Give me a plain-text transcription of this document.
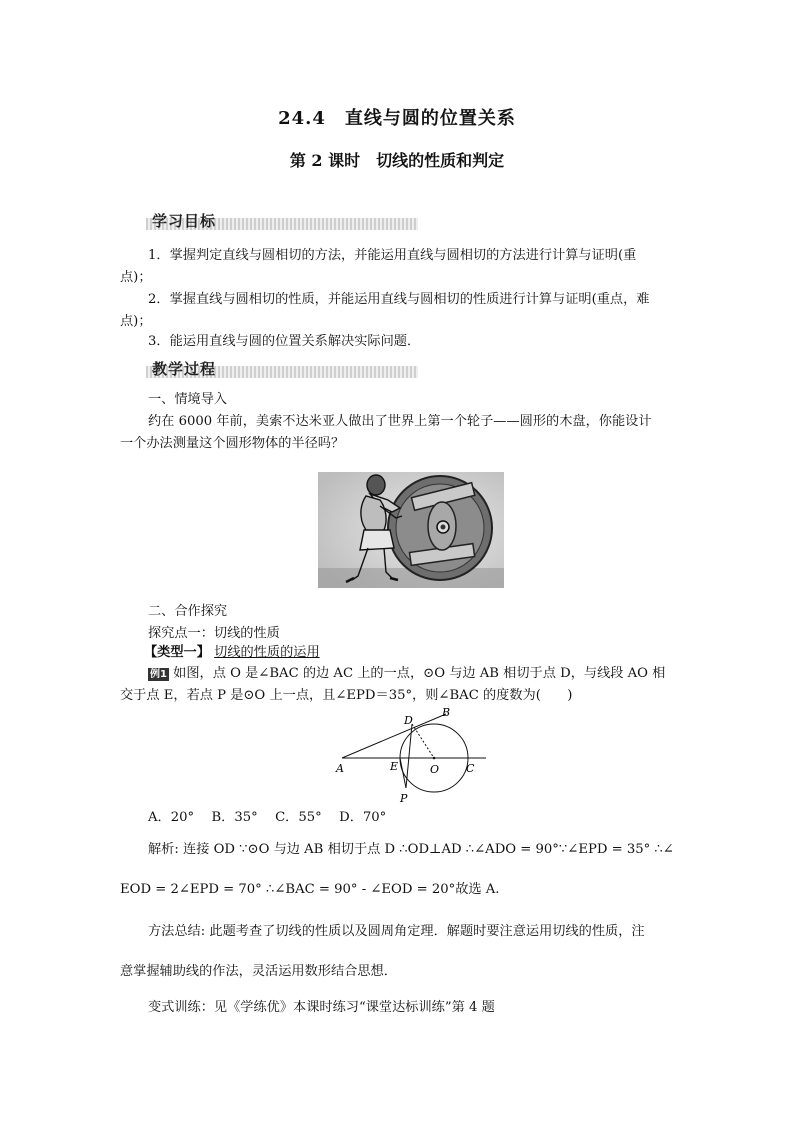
24.4　直线与圆的位置关系
第 2 课时　切线的性质和判定
学习目标
1．掌握判定直线与圆相切的方法，并能运用直线与圆相切的方法进行计算与证明(重
点)；
2．掌握直线与圆相切的性质，并能运用直线与圆相切的性质进行计算与证明(重点，难
点)；
3．能运用直线与圆的位置关系解决实际问题．
教学过程
一、情境导入
约在 6000 年前，美索不达米亚人做出了世界上第一个轮子——圆形的木盘，你能设计
一个办法测量这个圆形物体的半径吗？
二、合作探究
探究点一：切线的性质
【类型一】 切线的性质的运用
例1 如图，点 O 是∠BAC 的边 AC 上的一点，⊙O 与边 AB 相切于点 D，与线段 AO 相
交于点 E，若点 P 是⊙O 上一点，且∠EPD＝35°，则∠BAC 的度数为(　　)
A
B
C
D
E	O
P
A．20°　 B．35°　 C．55°　 D．70°
解析: 连接 OD ∵⊙O 与边 AB 相切于点 D ∴OD⊥AD ∴∠ADO = 90°∵∠EPD = 35° ∴∠
EOD = 2∠EPD = 70° ∴∠BAC = 90° - ∠EOD = 20°故选 A.
方法总结: 此题考查了切线的性质以及圆周角定理．解题时要注意运用切线的性质，注
意掌握辅助线的作法，灵活运用数形结合思想．
变式训练：见《学练优》本课时练习“课堂达标训练”第 4 题
